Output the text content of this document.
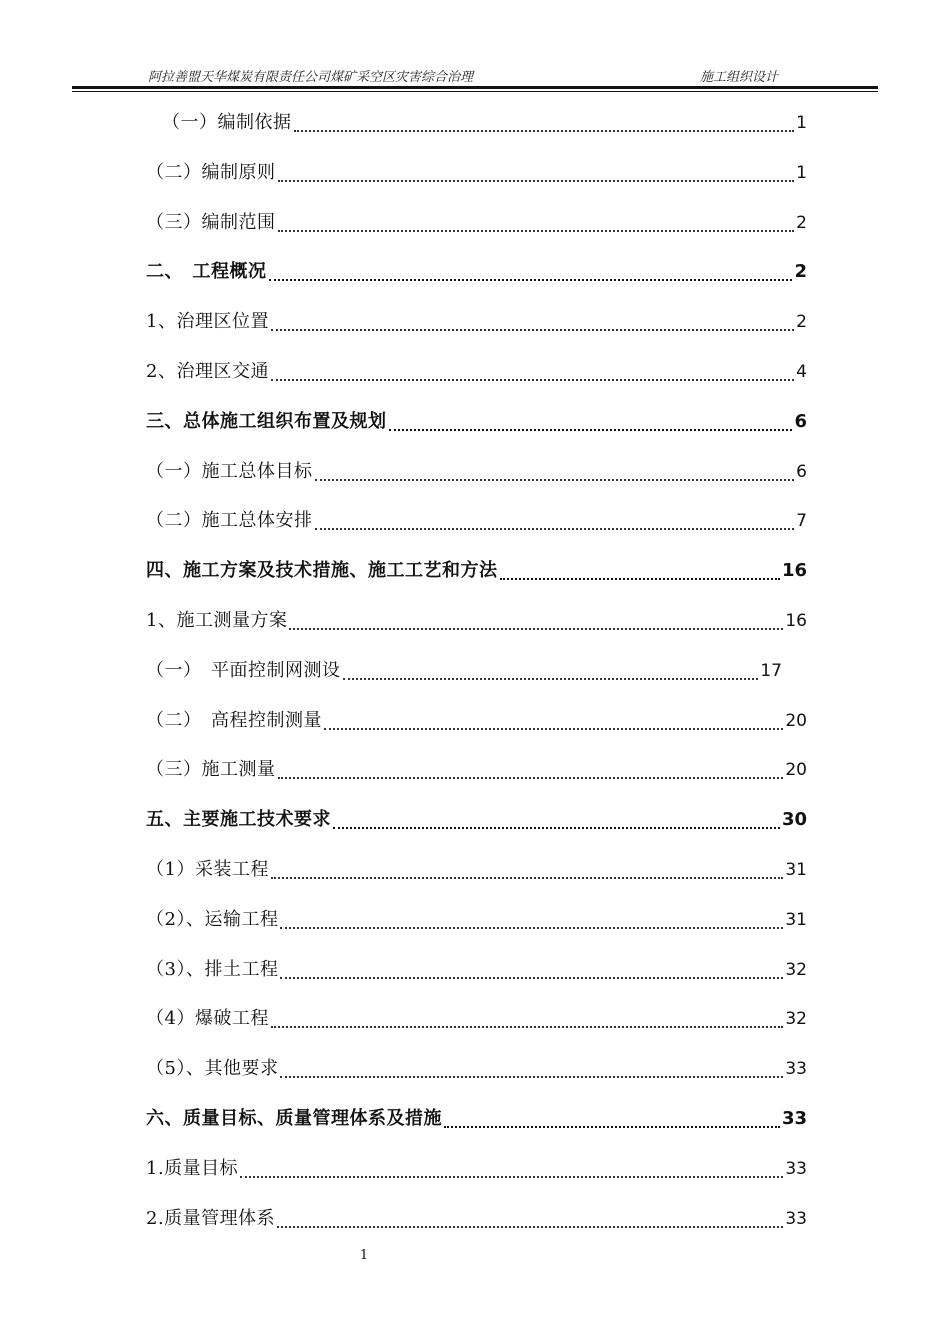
阿拉善盟天华煤炭有限责任公司煤矿采空区灾害综合治理	施工组织设计
（一）编制依据	1
（二）编制原则	1
（三）编制范围	2
二、　工程概况	2
1、治理区位置	2
2、治理区交通	4
三、总体施工组织布置及规划	6
（一）施工总体目标	6
（二）施工总体安排	7
四、施工方案及技术措施、施工工艺和方法	16
1、施工测量方案	16
（一）　平面控制网测设	17
（二）　高程控制测量	20
（三）施工测量	20
五、主要施工技术要求	30
（1）采装工程	31
（2）、运输工程	31
（3）、排土工程	32
（4）爆破工程	32
（5）、其他要求	33
六、质量目标、质量管理体系及措施	33
1.质量目标	33
2.质量管理体系	33
1
